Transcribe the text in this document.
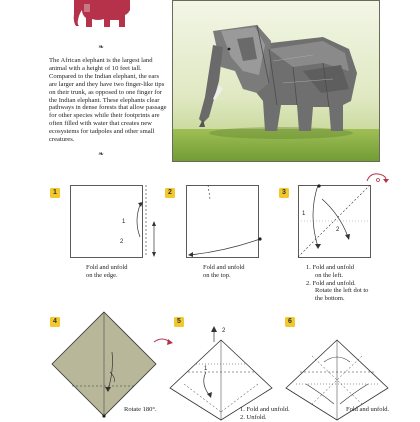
❧
❧
The African elephant is the largest land animal with a height of 10 feet tall. Compared to the Indian elephant, the ears are larger and they have two finger-like tips on their trunk, as opposed to one finger for the Indian elephant. These elephants clear pathways in dense forests that allow passage for other species while their footprints are often filled with water that creates new ecosystems for tadpoles and other small creatures.
1
1
2
Fold and unfold
on the edge.
2
Fold and unfold
on the top.
3
1
2
1. Fold and unfold
on the left.
2. Fold and unfold.
Rotate the left dot to
the bottom.
4
Rotate 180°.
5
2
1
1. Fold and unfold.
2. Unfold.
6
Fold and unfold.
